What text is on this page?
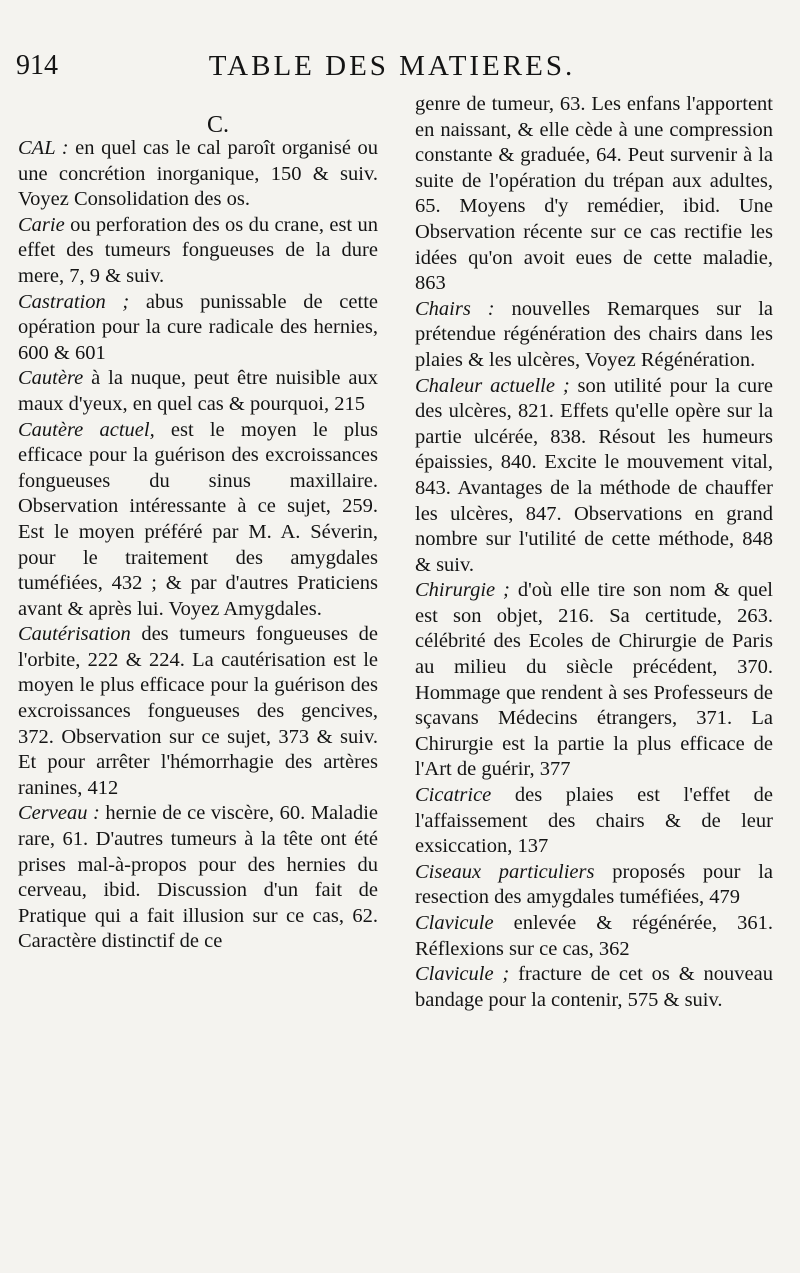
914	TABLE DES MATIERES.
C.

CAL : en quel cas le cal paroît organisé ou une concrétion inorganique, 150 & suiv. Voyez Consolidation des os.

Carie ou perforation des os du crane, est un effet des tumeurs fongueuses de la dure mere, 7, 9 & suiv.

Castration ; abus punissable de cette opération pour la cure radicale des hernies, 600 & 601

Cautère à la nuque, peut être nuisible aux maux d'yeux, en quel cas & pourquoi, 215

Cautère actuel, est le moyen le plus efficace pour la guérison des excroissances fongueuses du sinus maxillaire. Observation intéressante à ce sujet, 259. Est le moyen préféré par M. A. Séverin, pour le traitement des amygdales tuméfiées, 432 ; & par d'autres Praticiens avant & après lui. Voyez Amygdales.

Cautérisation des tumeurs fongueuses de l'orbite, 222 & 224. La cautérisation est le moyen le plus efficace pour la guérison des excroissances fongueuses des gencives, 372. Observation sur ce sujet, 373 & suiv. Et pour arrêter l'hémorrhagie des artères ranines, 412

Cerveau : hernie de ce viscère, 60. Maladie rare, 61. D'autres tumeurs à la tête ont été prises mal-à-propos pour des hernies du cerveau, ibid. Discussion d'un fait de Pratique qui a fait illusion sur ce cas, 62. Caractère distinctif de ce

genre de tumeur, 63. Les enfans l'apportent en naissant, & elle cède à une compression constante & graduée, 64. Peut survenir à la suite de l'opération du trépan aux adultes, 65. Moyens d'y remédier, ibid. Une Observation récente sur ce cas rectifie les idées qu'on avoit eues de cette maladie, 863

Chairs : nouvelles Remarques sur la prétendue régénération des chairs dans les plaies & les ulcères, Voyez Régénération.

Chaleur actuelle ; son utilité pour la cure des ulcères, 821. Effets qu'elle opère sur la partie ulcérée, 838. Résout les humeurs épaissies, 840. Excite le mouvement vital, 843. Avantages de la méthode de chauffer les ulcères, 847. Observations en grand nombre sur l'utilité de cette méthode, 848 & suiv.

Chirurgie ; d'où elle tire son nom & quel est son objet, 216. Sa certitude, 263. célébrité des Ecoles de Chirurgie de Paris au milieu du siècle précédent, 370. Hommage que rendent à ses Professeurs de sçavans Médecins étrangers, 371. La Chirurgie est la partie la plus efficace de l'Art de guérir, 377

Cicatrice des plaies est l'effet de l'affaissement des chairs & de leur exsiccation, 137

Ciseaux particuliers proposés pour la resection des amygdales tuméfiées, 479

Clavicule enlevée & régénérée, 361. Réflexions sur ce cas, 362

Clavicule ; fracture de cet os & nouveau bandage pour la contenir, 575 & suiv.
